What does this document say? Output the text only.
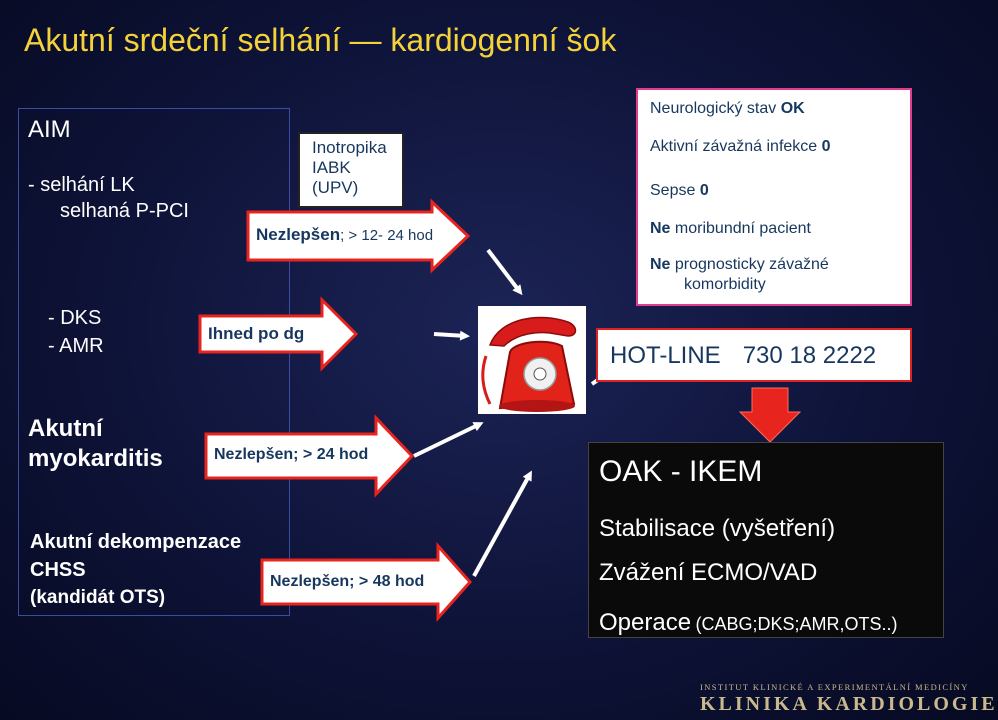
Akutní srdeční selhání — kardiogenní šok
AIM
- selhání LK
selhaná P-PCI
- DKS
- AMR
Akutní
myokarditis
Akutní dekompenzace
CHSS
(kandidát OTS)
Inotropika
IABK
(UPV)
Nezlepšen; > 12- 24 hod
Ihned po dg
Nezlepšen; > 24 hod
Nezlepšen; > 48 hod
Neurologický stav OK
Aktivní závažná infekce 0
Sepse 0
Ne moribundní pacient
Ne prognosticky závažné
komorbidity
HOT-LINE 730 18 2222
OAK - IKEM
Stabilisace (vyšetření)
Zvážení ECMO/VAD
Operace (CABG;DKS;AMR,OTS..)
INSTITUT KLINICKÉ A EXPERIMENTÁLNÍ MEDICÍNY
KLINIKA KARDIOLOGIE
